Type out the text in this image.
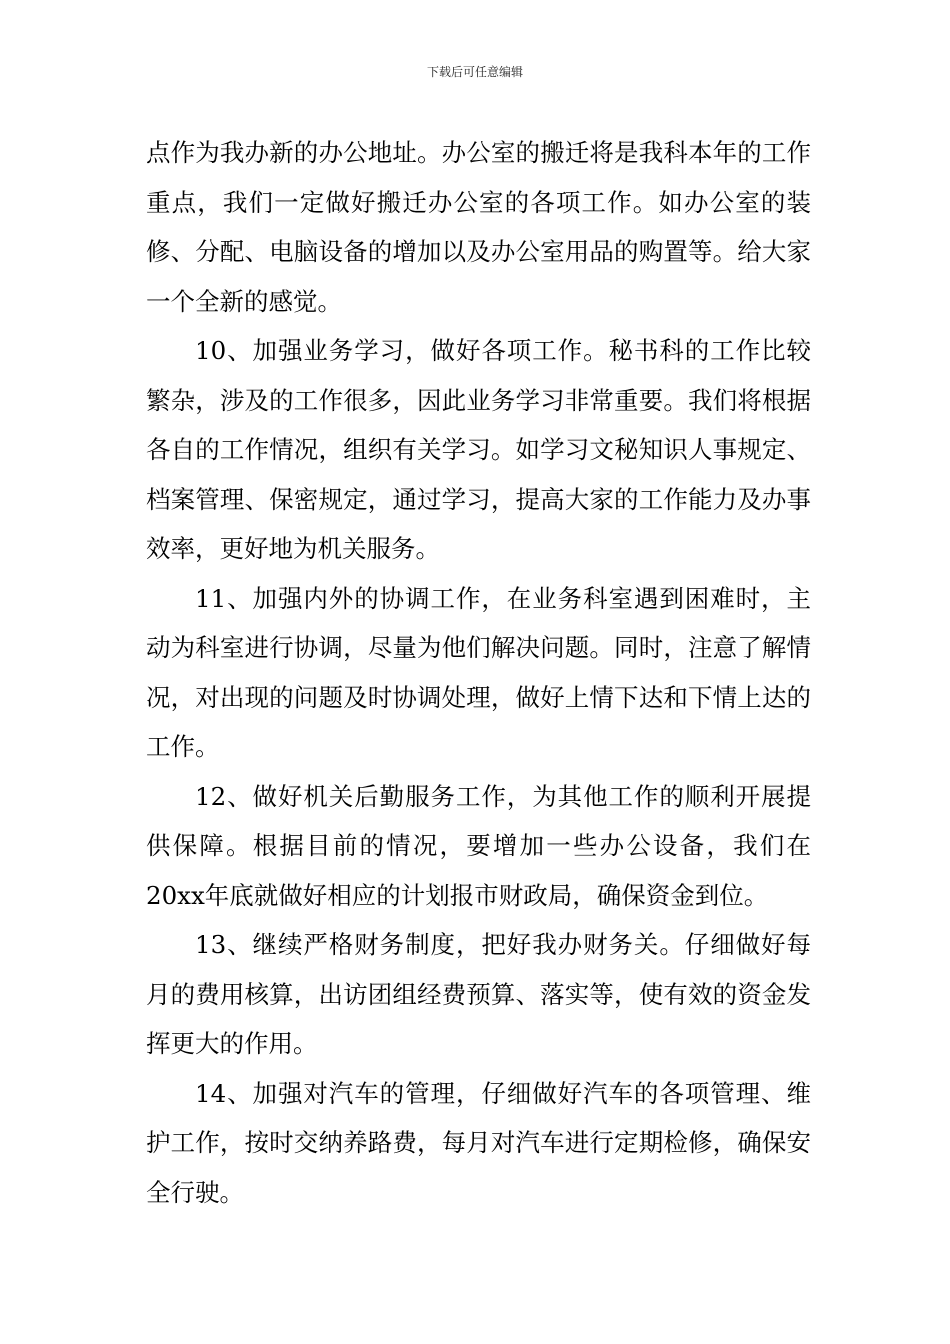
下载后可任意编辑

点作为我办新的办公地址。办公室的搬迁将是我科本年的工作重点，我们一定做好搬迁办公室的各项工作。如办公室的装修、分配、电脑设备的增加以及办公室用品的购置等。给大家一个全新的感觉。

10、加强业务学习，做好各项工作。秘书科的工作比较繁杂，涉及的工作很多，因此业务学习非常重要。我们将根据各自的工作情况，组织有关学习。如学习文秘知识人事规定、档案管理、保密规定，通过学习，提高大家的工作能力及办事效率，更好地为机关服务。

11、加强内外的协调工作，在业务科室遇到困难时，主动为科室进行协调，尽量为他们解决问题。同时，注意了解情况，对出现的问题及时协调处理，做好上情下达和下情上达的工作。

12、做好机关后勤服务工作，为其他工作的顺利开展提供保障。根据目前的情况，要增加一些办公设备，我们在20xx年底就做好相应的计划报市财政局，确保资金到位。

13、继续严格财务制度，把好我办财务关。仔细做好每月的费用核算，出访团组经费预算、落实等，使有效的资金发挥更大的作用。

14、加强对汽车的管理，仔细做好汽车的各项管理、维护工作，按时交纳养路费，每月对汽车进行定期检修，确保安全行驶。
